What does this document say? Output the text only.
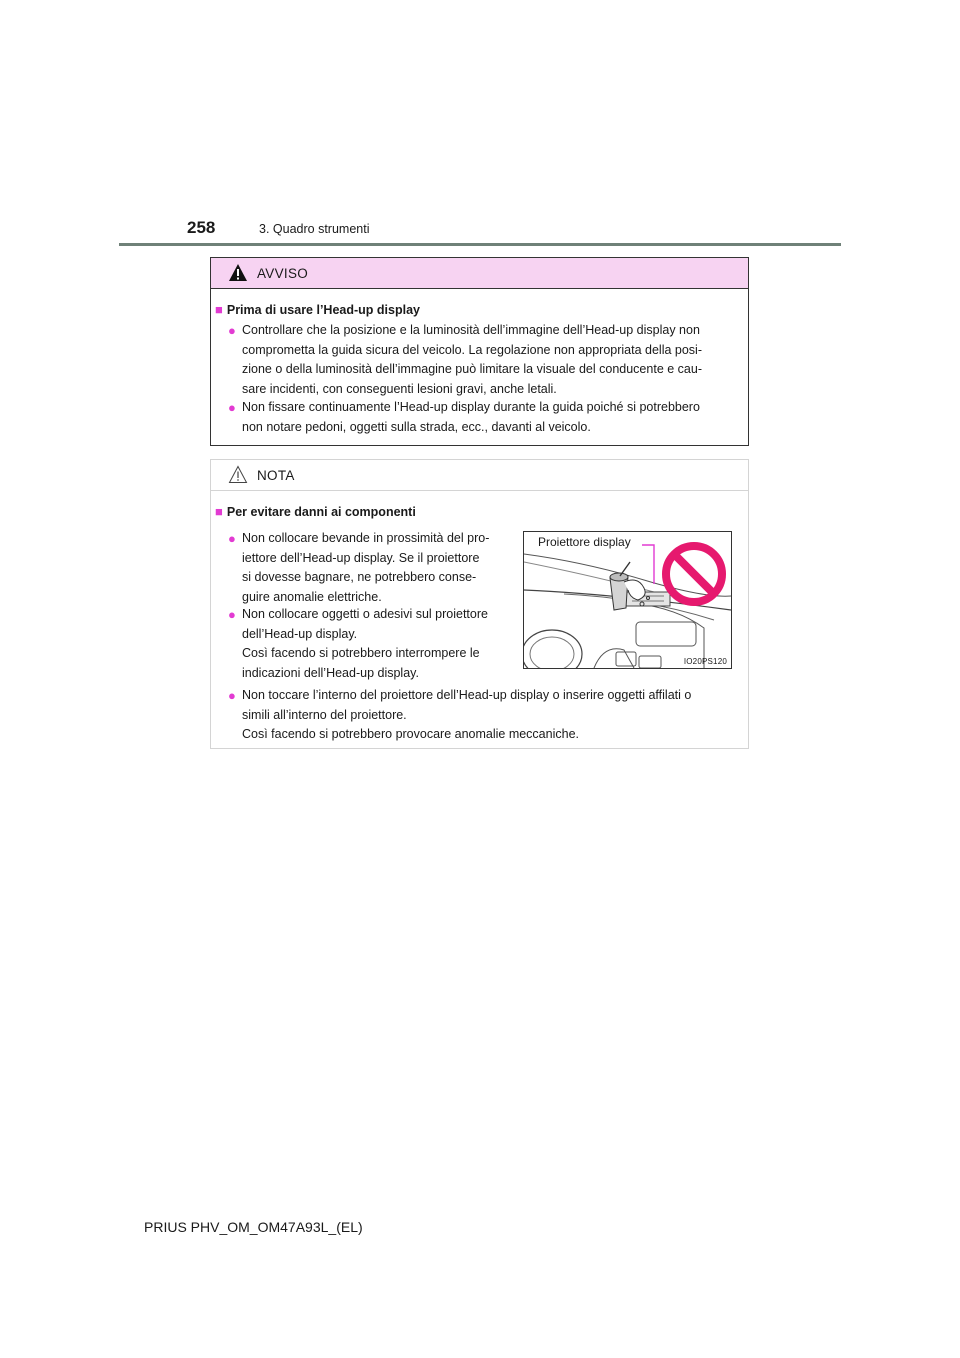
258	3. Quadro strumenti
AVVISO
■ Prima di usare l’Head-up display
● Controllare che la posizione e la luminosità dell’immagine dell’Head-up display non
comprometta la guida sicura del veicolo. La regolazione non appropriata della posi-
zione o della luminosità dell’immagine può limitare la visuale del conducente e cau-
sare incidenti, con conseguenti lesioni gravi, anche letali.
● Non fissare continuamente l’Head-up display durante la guida poiché si potrebbero
non notare pedoni, oggetti sulla strada, ecc., davanti al veicolo.
NOTA
■ Per evitare danni ai componenti
● Non collocare bevande in prossimità del pro-
iettore dell’Head-up display. Se il proiettore
si dovesse bagnare, ne potrebbero conse-
guire anomalie elettriche.
● Non collocare oggetti o adesivi sul proiettore
dell’Head-up display.
Così facendo si potrebbero interrompere le
indicazioni dell’Head-up display.
Proiettore display
IO20PS120
● Non toccare l’interno del proiettore dell’Head-up display o inserire oggetti affilati o
simili all’interno del proiettore.
Così facendo si potrebbero provocare anomalie meccaniche.
PRIUS PHV_OM_OM47A93L_(EL)
